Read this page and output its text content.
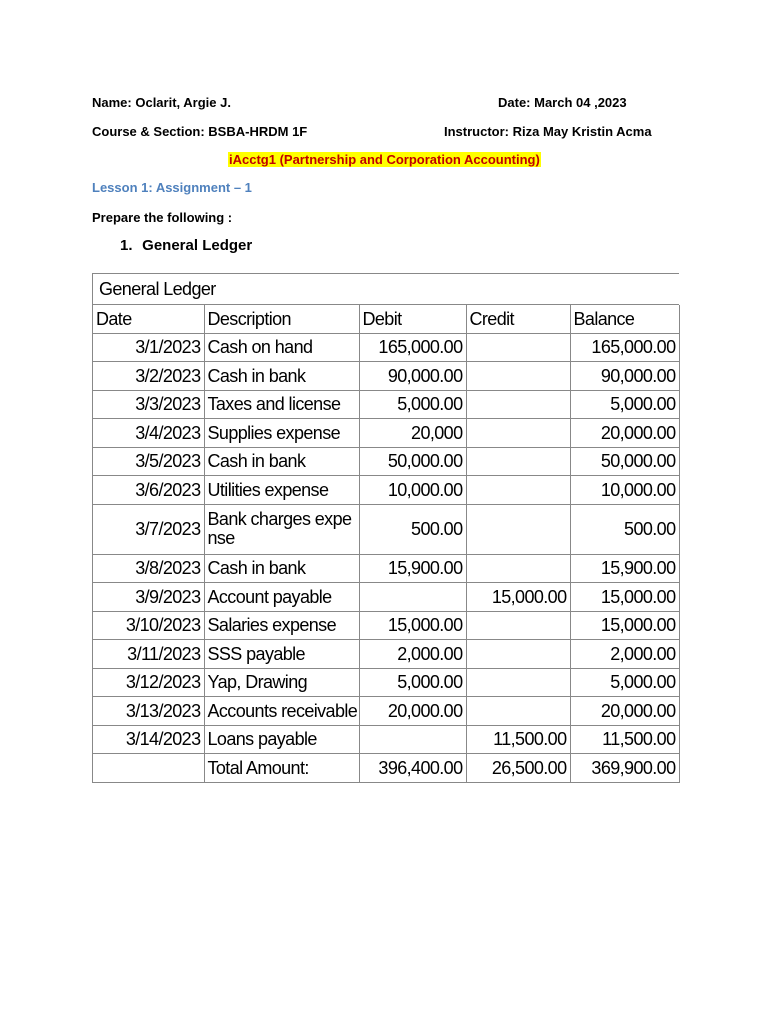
Name: Oclarit, Argie J.	Date: March 04 ,2023
Course & Section: BSBA-HRDM 1F	Instructor: Riza May Kristin Acma
iAcctg1 (Partnership and Corporation Accounting)
Lesson 1: Assignment – 1
Prepare the following :
1. General Ledger
General Ledger
Date	Description	Debit	Credit	Balance
3/1/2023	Cash on hand	165,000.00		165,000.00
3/2/2023	Cash in bank	90,000.00		90,000.00
3/3/2023	Taxes and license	5,000.00		5,000.00
3/4/2023	Supplies expense	20,000		20,000.00
3/5/2023	Cash in bank	50,000.00		50,000.00
3/6/2023	Utilities expense	10,000.00		10,000.00
3/7/2023	Bank charges expense	500.00		500.00
3/8/2023	Cash in bank	15,900.00		15,900.00
3/9/2023	Account payable		15,000.00	15,000.00
3/10/2023	Salaries expense	15,000.00		15,000.00
3/11/2023	SSS payable	2,000.00		2,000.00
3/12/2023	Yap, Drawing	5,000.00		5,000.00
3/13/2023	Accounts receivable	20,000.00		20,000.00
3/14/2023	Loans payable		11,500.00	11,500.00
	Total Amount:	396,400.00	26,500.00	369,900.00
